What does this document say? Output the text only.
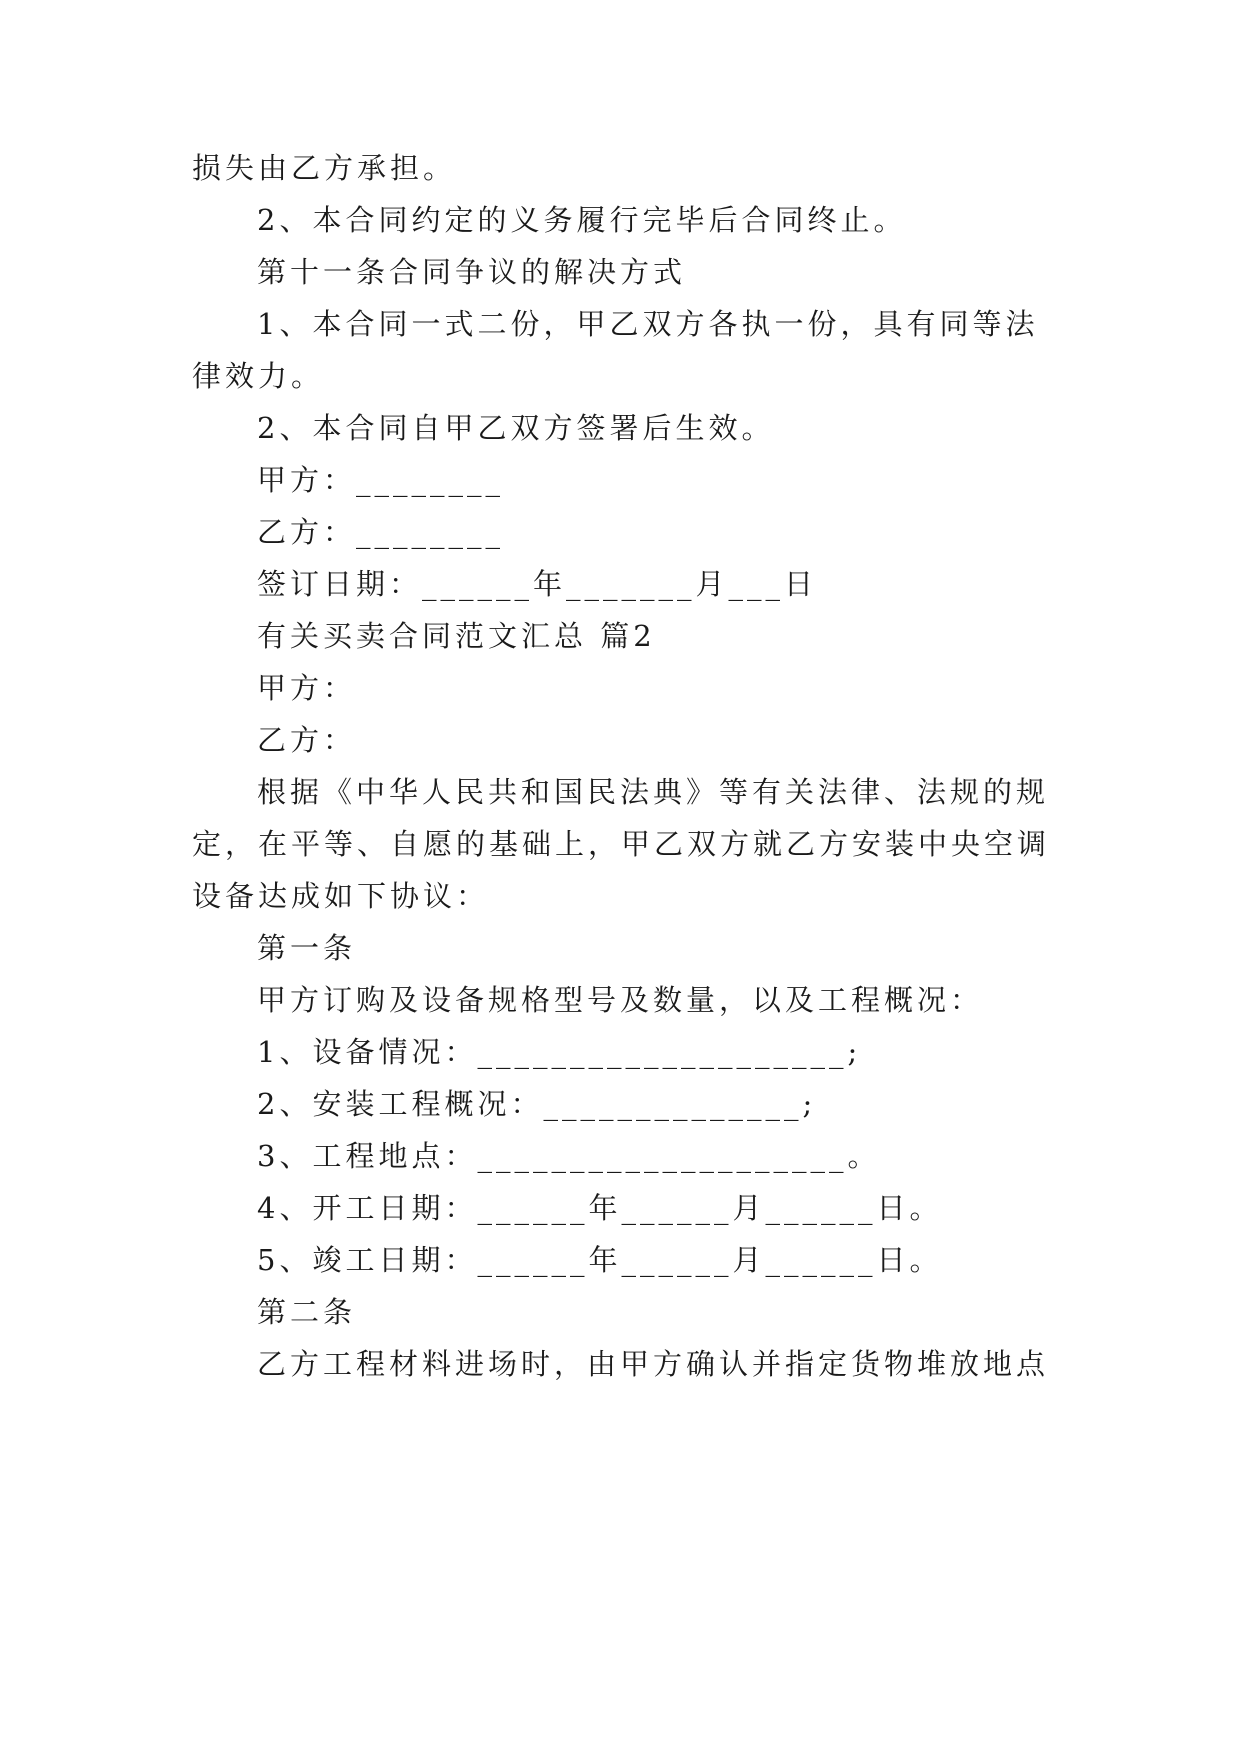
损失由乙方承担。
2、本合同约定的义务履行完毕后合同终止。
第十一条合同争议的解决方式
1、本合同一式二份，甲乙双方各执一份，具有同等法
律效力。
2、本合同自甲乙双方签署后生效。
甲方：________
乙方：________
签订日期：______年_______月___日
有关买卖合同范文汇总 篇2
甲方：
乙方：
根据《中华人民共和国民法典》等有关法律、法规的规
定，在平等、自愿的基础上，甲乙双方就乙方安装中央空调
设备达成如下协议：
第一条
甲方订购及设备规格型号及数量，以及工程概况：
1、设备情况：____________________;
2、安装工程概况：______________;
3、工程地点：____________________。
4、开工日期：______年______月______日。
5、竣工日期：______年______月______日。
第二条
乙方工程材料进场时，由甲方确认并指定货物堆放地点
